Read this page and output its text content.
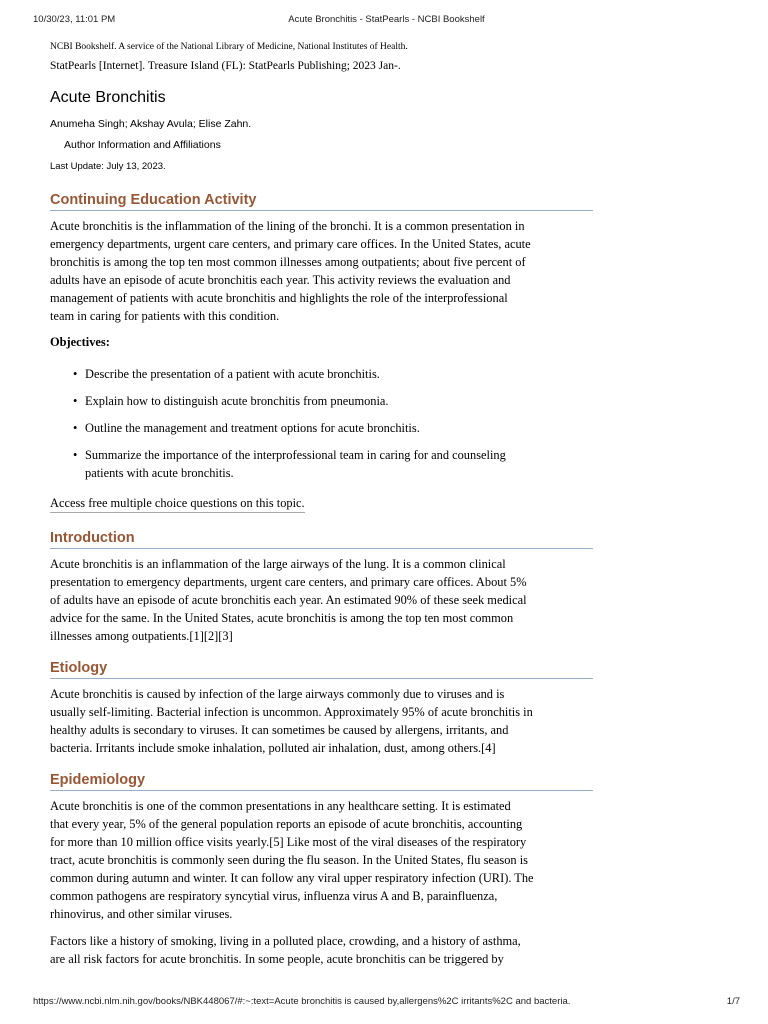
10/30/23, 11:01 PM	Acute Bronchitis - StatPearls - NCBI Bookshelf

NCBI Bookshelf. A service of the National Library of Medicine, National Institutes of Health.

StatPearls [Internet]. Treasure Island (FL): StatPearls Publishing; 2023 Jan-.

Acute Bronchitis

Anumeha Singh; Akshay Avula; Elise Zahn.

Author Information and Affiliations

Last Update: July 13, 2023.

Continuing Education Activity

Acute bronchitis is the inflammation of the lining of the bronchi. It is a common presentation in
emergency departments, urgent care centers, and primary care offices. In the United States, acute
bronchitis is among the top ten most common illnesses among outpatients; about five percent of
adults have an episode of acute bronchitis each year. This activity reviews the evaluation and
management of patients with acute bronchitis and highlights the role of the interprofessional
team in caring for patients with this condition.

Objectives:

• Describe the presentation of a patient with acute bronchitis.
• Explain how to distinguish acute bronchitis from pneumonia.
• Outline the management and treatment options for acute bronchitis.
• Summarize the importance of the interprofessional team in caring for and counseling
patients with acute bronchitis.
Access free multiple choice questions on this topic.
Introduction

Acute bronchitis is an inflammation of the large airways of the lung. It is a common clinical
presentation to emergency departments, urgent care centers, and primary care offices. About 5%
of adults have an episode of acute bronchitis each year. An estimated 90% of these seek medical
advice for the same. In the United States, acute bronchitis is among the top ten most common
illnesses among outpatients.[1][2][3]

Etiology

Acute bronchitis is caused by infection of the large airways commonly due to viruses and is
usually self-limiting. Bacterial infection is uncommon. Approximately 95% of acute bronchitis in
healthy adults is secondary to viruses. It can sometimes be caused by allergens, irritants, and
bacteria. Irritants include smoke inhalation, polluted air inhalation, dust, among others.[4]

Epidemiology

Acute bronchitis is one of the common presentations in any healthcare setting. It is estimated
that every year, 5% of the general population reports an episode of acute bronchitis, accounting
for more than 10 million office visits yearly.[5] Like most of the viral diseases of the respiratory
tract, acute bronchitis is commonly seen during the flu season. In the United States, flu season is
common during autumn and winter. It can follow any viral upper respiratory infection (URI). The
common pathogens are respiratory syncytial virus, influenza virus A and B, parainfluenza,
rhinovirus, and other similar viruses.

Factors like a history of smoking, living in a polluted place, crowding, and a history of asthma,
are all risk factors for acute bronchitis. In some people, acute bronchitis can be triggered by

https://www.ncbi.nlm.nih.gov/books/NBK448067/#:~:text=Acute bronchitis is caused by,allergens%2C irritants%2C and bacteria.	1/7
